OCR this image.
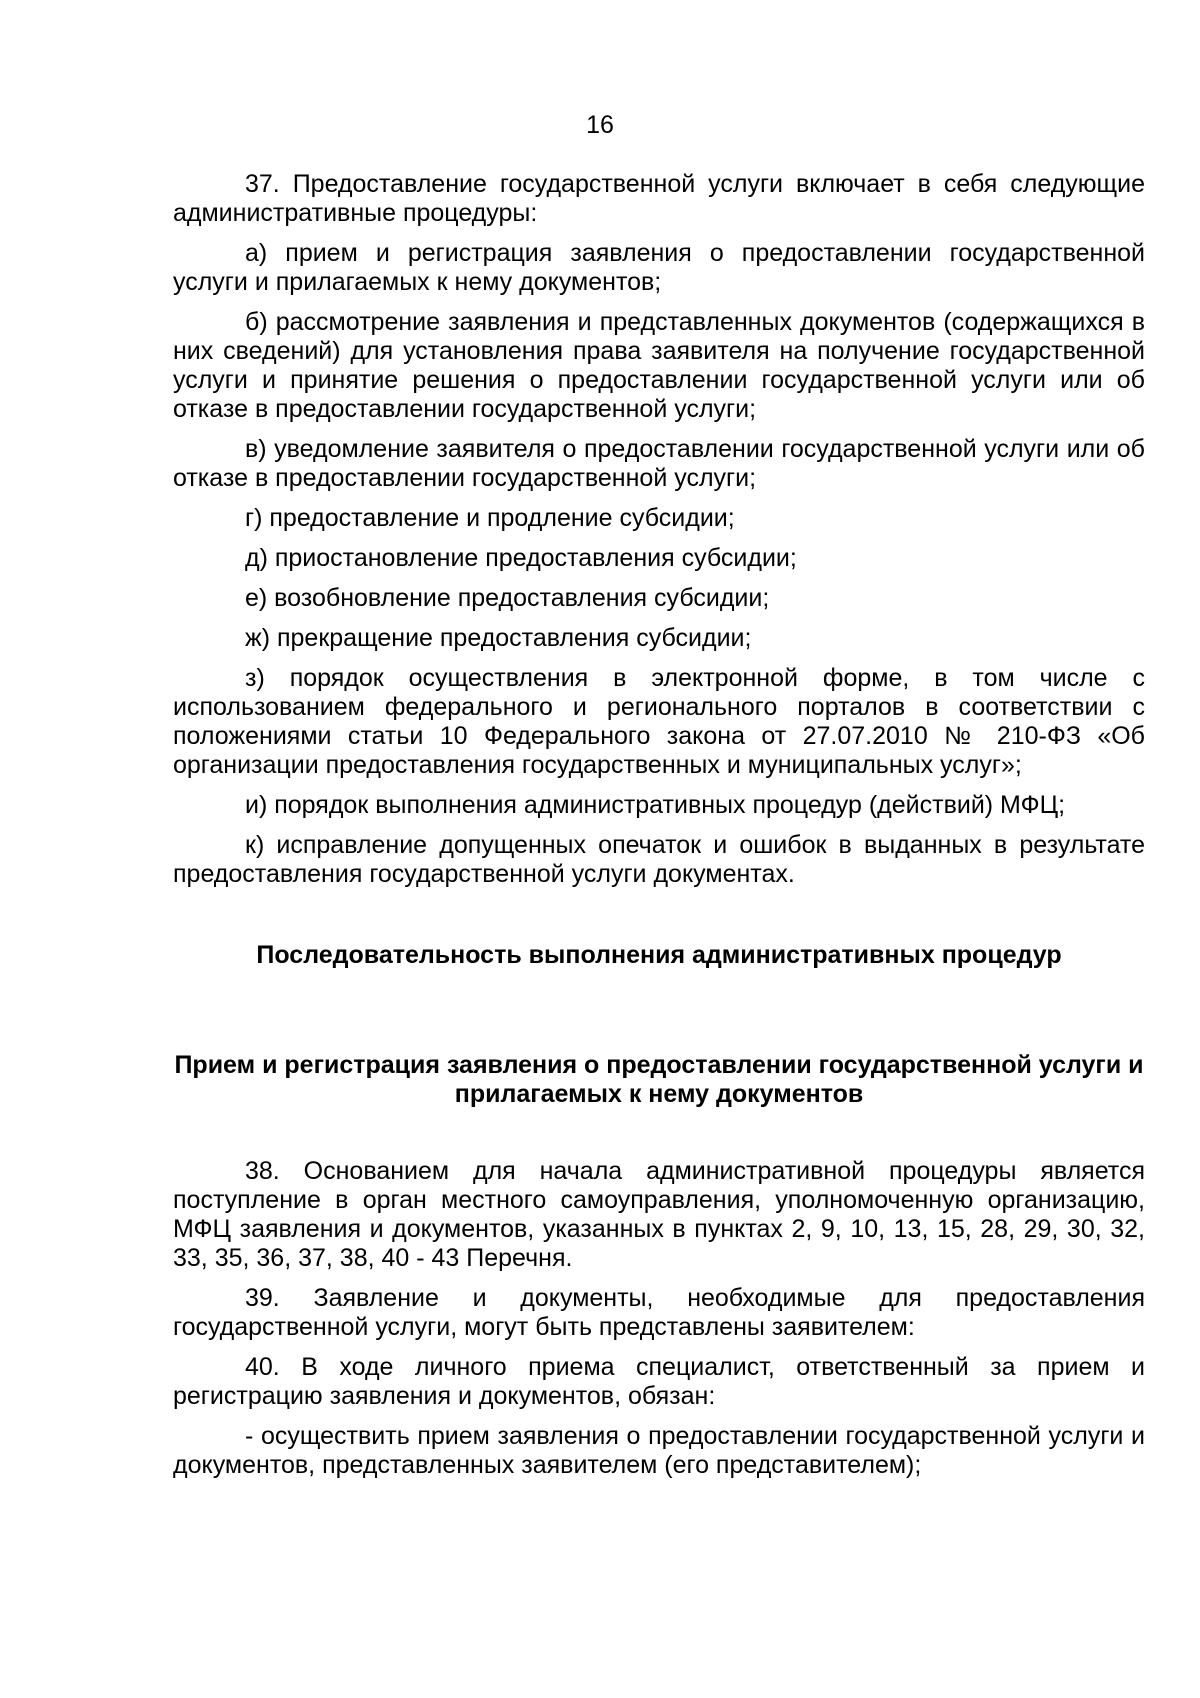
16

37. Предоставление государственной услуги включает в себя следующие административные процедуры:

а) прием и регистрация заявления о предоставлении государственной услуги и прилагаемых к нему документов;

б) рассмотрение заявления и представленных документов (содержащихся в них сведений) для установления права заявителя на получение государственной услуги и принятие решения о предоставлении государственной услуги или об отказе в предоставлении государственной услуги;

в) уведомление заявителя о предоставлении государственной услуги или об отказе в предоставлении государственной услуги;

г) предоставление и продление субсидии;

д) приостановление предоставления субсидии;

е) возобновление предоставления субсидии;

ж) прекращение предоставления субсидии;

з) порядок осуществления в электронной форме, в том числе с использованием федерального и регионального порталов в соответствии с положениями статьи 10 Федерального закона от 27.07.2010 № 210-ФЗ «Об организации предоставления государственных и муниципальных услуг»;

и) порядок выполнения административных процедур (действий) МФЦ;

к) исправление допущенных опечаток и ошибок в выданных в результате предоставления государственной услуги документах.

Последовательность выполнения административных процедур

Прием и регистрация заявления о предоставлении государственной услуги и прилагаемых к нему документов

38. Основанием для начала административной процедуры является поступление в орган местного самоуправления, уполномоченную организацию, МФЦ заявления и документов, указанных в пунктах 2, 9, 10, 13, 15, 28, 29, 30, 32, 33, 35, 36, 37, 38, 40 - 43 Перечня.

39. Заявление и документы, необходимые для предоставления государственной услуги, могут быть представлены заявителем:

40. В ходе личного приема специалист, ответственный за прием и регистрацию заявления и документов, обязан:

- осуществить прием заявления о предоставлении государственной услуги и документов, представленных заявителем (его представителем);
